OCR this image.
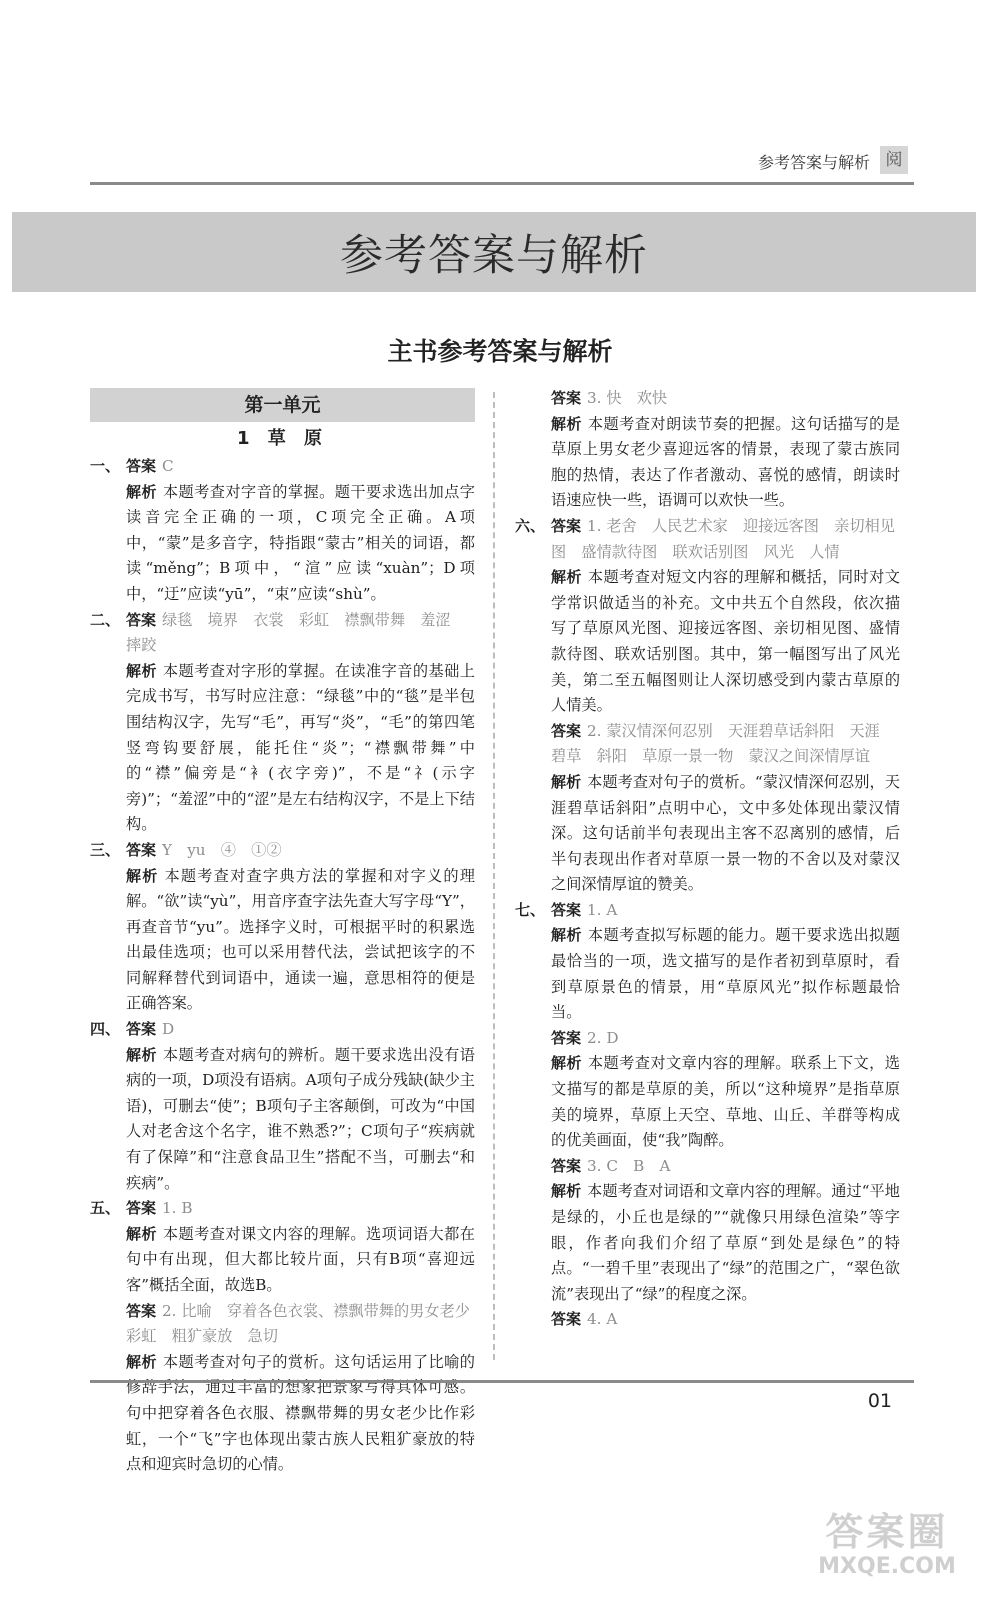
参考答案与解析 阅
参考答案与解析
主书参考答案与解析
第一单元
1 草 原
一、 答案 C
解析 本题考查对字音的掌握。题干要求选出加点字读音完全正确的一项，C项完全正确。A项中，“蒙”是多音字，特指跟“蒙古”相关的词语，都读“měng”；B项中，“渲”应读“xuàn”；D项中，“迂”应读“yū”，“束”应读“shù”。
二、 答案 绿毯　境界　衣裳　彩虹　襟飘带舞　羞涩　摔跤
解析 本题考查对字形的掌握。在读准字音的基础上完成书写，书写时应注意：“绿毯”中的“毯”是半包围结构汉字，先写“毛”，再写“炎”，“毛”的第四笔竖弯钩要舒展，能托住“炎”；“襟飘带舞”中的“襟”偏旁是“衤(衣字旁)”，不是“礻(示字旁)”；“羞涩”中的“涩”是左右结构汉字，不是上下结构。
三、 答案 Y　yu　④　①②
解析 本题考查对查字典方法的掌握和对字义的理解。“欲”读“yù”，用音序查字法先查大写字母“Y”，再查音节“yu”。选择字义时，可根据平时的积累选出最佳选项；也可以采用替代法，尝试把该字的不同解释替代到词语中，通读一遍，意思相符的便是正确答案。
四、 答案 D
解析 本题考查对病句的辨析。题干要求选出没有语病的一项，D项没有语病。A项句子成分残缺(缺少主语)，可删去“使”；B项句子主客颠倒，可改为“中国人对老舍这个名字，谁不熟悉?”；C项句子“疾病就有了保障”和“注意食品卫生”搭配不当，可删去“和疾病”。
五、 答案 1. B
解析 本题考查对课文内容的理解。选项词语大都在句中有出现，但大都比较片面，只有B项“喜迎远客”概括全面，故选B。
答案 2. 比喻　穿着各色衣裳、襟飘带舞的男女老少　彩虹　粗犷豪放　急切
解析 本题考查对句子的赏析。这句话运用了比喻的修辞手法，通过丰富的想象把景象写得具体可感。句中把穿着各色衣服、襟飘带舞的男女老少比作彩虹，一个“飞”字也体现出蒙古族人民粗犷豪放的特点和迎宾时急切的心情。
答案 3. 快　欢快
解析 本题考查对朗读节奏的把握。这句话描写的是草原上男女老少喜迎远客的情景，表现了蒙古族同胞的热情，表达了作者激动、喜悦的感情，朗读时语速应快一些，语调可以欢快一些。
六、 答案 1. 老舍　人民艺术家　迎接远客图　亲切相见图　盛情款待图　联欢话别图　风光　人情
解析 本题考查对短文内容的理解和概括，同时对文学常识做适当的补充。文中共五个自然段，依次描写了草原风光图、迎接远客图、亲切相见图、盛情款待图、联欢话别图。其中，第一幅图写出了风光美，第二至五幅图则让人深切感受到内蒙古草原的人情美。
答案 2. 蒙汉情深何忍别　天涯碧草话斜阳　天涯　碧草　斜阳　草原一景一物　蒙汉之间深情厚谊
解析 本题考查对句子的赏析。“蒙汉情深何忍别，天涯碧草话斜阳”点明中心，文中多处体现出蒙汉情深。这句话前半句表现出主客不忍离别的感情，后半句表现出作者对草原一景一物的不舍以及对蒙汉之间深情厚谊的赞美。
七、 答案 1. A
解析 本题考查拟写标题的能力。题干要求选出拟题最恰当的一项，选文描写的是作者初到草原时，看到草原景色的情景，用“草原风光”拟作标题最恰当。
答案 2. D
解析 本题考查对文章内容的理解。联系上下文，选文描写的都是草原的美，所以“这种境界”是指草原美的境界，草原上天空、草地、山丘、羊群等构成的优美画面，使“我”陶醉。
答案 3. C　B　A
解析 本题考查对词语和文章内容的理解。通过“平地是绿的，小丘也是绿的”“就像只用绿色渲染”等字眼，作者向我们介绍了草原“到处是绿色”的特点。“一碧千里”表现出了“绿”的范围之广，“翠色欲流”表现出了“绿”的程度之深。
答案 4. A
01
答案圈
MXQE.COM
